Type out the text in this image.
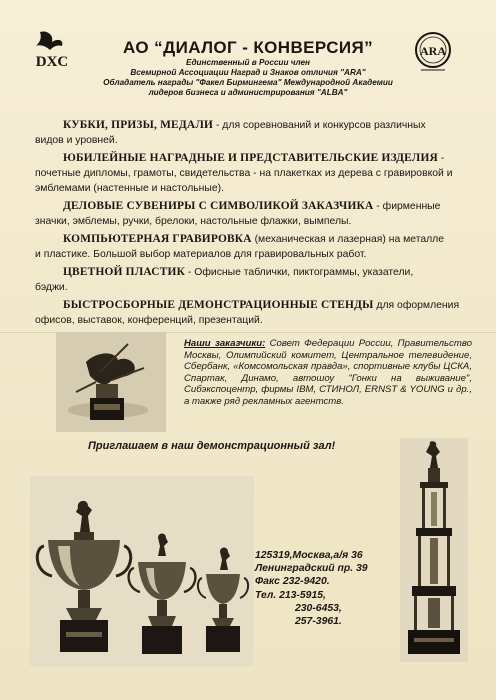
DXC
ARA
АО “ДИАЛОГ - КОНВЕРСИЯ”
Единственный в России член
Всемирной Ассоциации Наград и Знаков отличия "ARA"
Обладатель награды "Факел Бирмингема" Международной Академии
лидеров бизнеса и администрирования "ALBA"

КУБКИ, ПРИЗЫ, МЕДАЛИ - для соревнований и конкурсов различных
видов и уровней.

ЮБИЛЕЙНЫЕ НАГРАДНЫЕ И ПРЕДСТАВИТЕЛЬСКИЕ ИЗДЕЛИЯ -
почетные дипломы, грамоты, свидетельства - на плакетках из дерева с гравировкой и эмблемами (настенные и настольные).

ДЕЛОВЫЕ СУВЕНИРЫ С СИМВОЛИКОЙ ЗАКАЗЧИКА - фирменные
значки, эмблемы, ручки, брелоки, настольные флажки, вымпелы.

КОМПЬЮТЕРНАЯ ГРАВИРОВКА (механическая и лазерная) на металле
и пластике. Большой выбор материалов для гравировальных работ.

ЦВЕТНОЙ ПЛАСТИК - Офисные таблички, пиктограммы, указатели,
бэджи.

БЫСТРОСБОРНЫЕ ДЕМОНСТРАЦИОННЫЕ СТЕНДЫ для оформления
офисов, выставок, конференций, презентаций.

Наши заказчики: Совет Федерации России, Правительство Москвы, Олимпийский комитет, Центральное телевидение, Сбербанк, «Комсомольская правда», спортивные клубы ЦСКА, Спартак, Динамо, автошоу "Гонки на выживание", Сибэкспоцентр, фирмы IBM, СТИНОЛ, ERNST & YOUNG и др., а также ряд рекламных агентств.
Приглашаем в наш демонстрационный зал!
125319,Москва,а/я 36
Ленинградский пр. 39
Факс 232-9420.
Тел. 213-5915,
230-6453,
257-3961.
